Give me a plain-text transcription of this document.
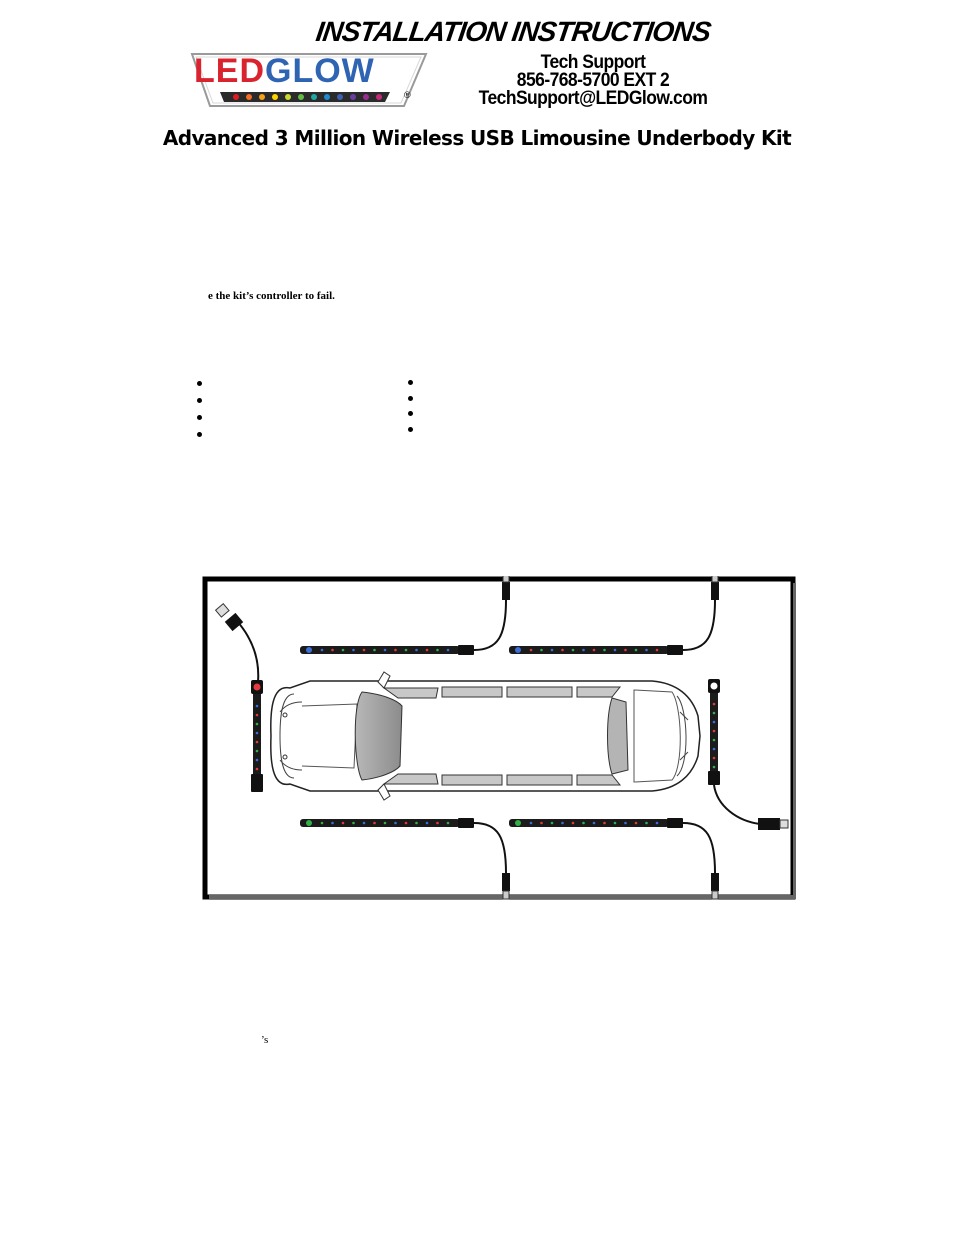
INSTALLATION INSTRUCTIONS
LEDGLOW
®
Tech Support
856-768-5700 EXT 2
TechSupport@LEDGlow.com
Advanced 3 Million Wireless USB Limousine Underbody Kit
e the kit’s controller to fail.
’s
